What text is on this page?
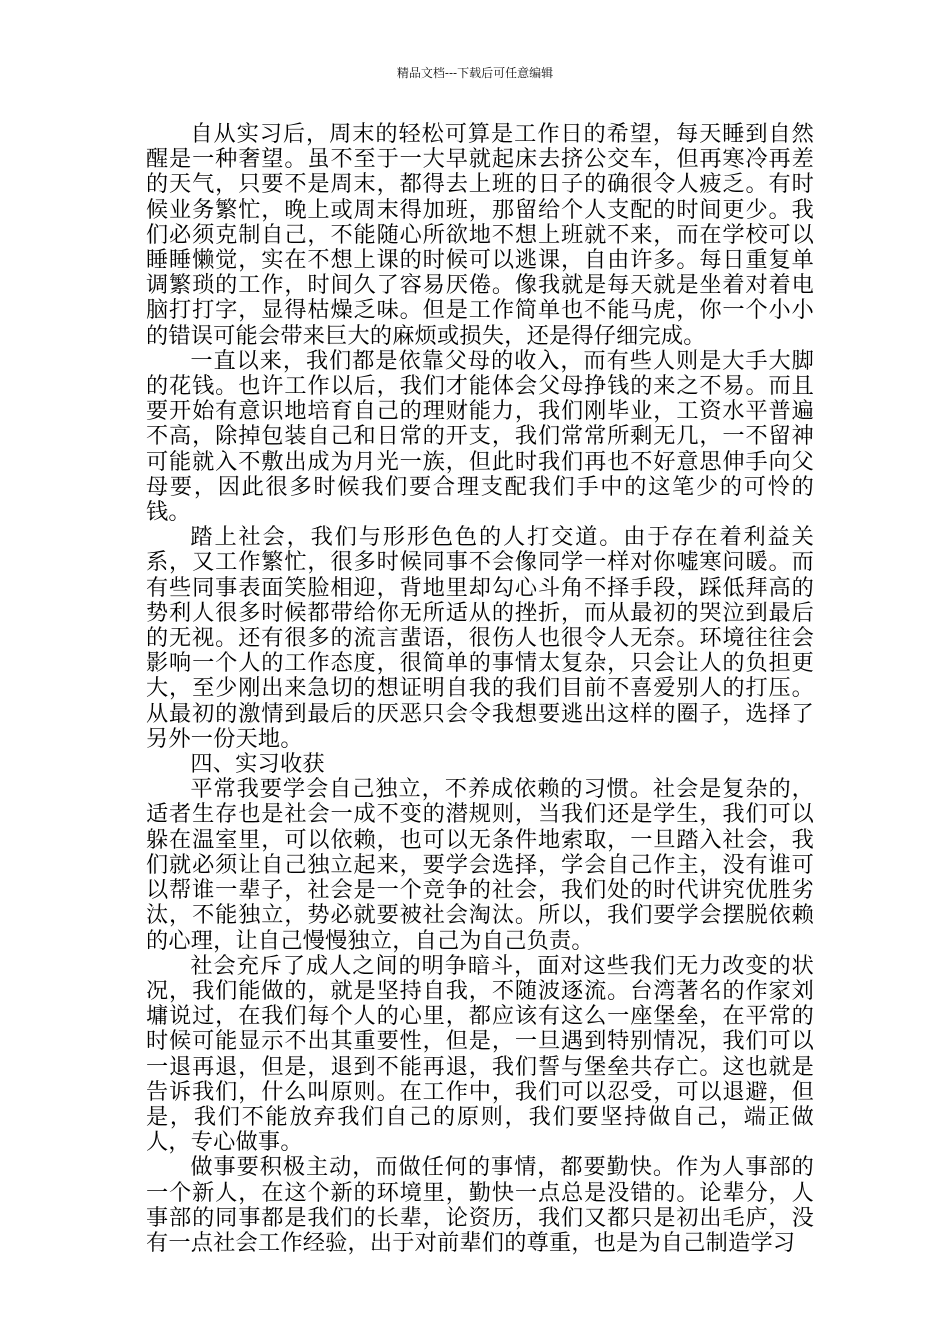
精品文档---下载后可任意编辑

自从实习后，周末的轻松可算是工作日的希望，每天睡到自然醒是一种奢望。虽不至于一大早就起床去挤公交车，但再寒冷再差的天气，只要不是周末，都得去上班的日子的确很令人疲乏。有时候业务繁忙，晚上或周末得加班，那留给个人支配的时间更少。我们必须克制自己，不能随心所欲地不想上班就不来，而在学校可以睡睡懒觉，实在不想上课的时候可以逃课，自由许多。每日重复单调繁琐的工作，时间久了容易厌倦。像我就是每天就是坐着对着电脑打打字，显得枯燥乏味。但是工作简单也不能马虎，你一个小小的错误可能会带来巨大的麻烦或损失，还是得仔细完成。

一直以来，我们都是依靠父母的收入，而有些人则是大手大脚的花钱。也许工作以后，我们才能体会父母挣钱的来之不易。而且要开始有意识地培育自己的理财能力，我们刚毕业，工资水平普遍不高，除掉包装自己和日常的开支，我们常常所剩无几，一不留神可能就入不敷出成为月光一族，但此时我们再也不好意思伸手向父母要，因此很多时候我们要合理支配我们手中的这笔少的可怜的钱。

踏上社会，我们与形形色色的人打交道。由于存在着利益关系，又工作繁忙，很多时候同事不会像同学一样对你嘘寒问暖。而有些同事表面笑脸相迎，背地里却勾心斗角不择手段，踩低拜高的势利人很多时候都带给你无所适从的挫折，而从最初的哭泣到最后的无视。还有很多的流言蜚语，很伤人也很令人无奈。环境往往会影响一个人的工作态度，很简单的事情太复杂，只会让人的负担更大，至少刚出来急切的想证明自我的我们目前不喜爱别人的打压。从最初的激情到最后的厌恶只会令我想要逃出这样的圈子，选择了另外一份天地。

四、实习收获

平常我要学会自己独立，不养成依赖的习惯。社会是复杂的，适者生存也是社会一成不变的潜规则，当我们还是学生，我们可以躲在温室里，可以依赖，也可以无条件地索取，一旦踏入社会，我们就必须让自己独立起来，要学会选择，学会自己作主，没有谁可以帮谁一辈子，社会是一个竞争的社会，我们处的时代讲究优胜劣汰，不能独立，势必就要被社会淘汰。所以，我们要学会摆脱依赖的心理，让自己慢慢独立，自己为自己负责。

社会充斥了成人之间的明争暗斗，面对这些我们无力改变的状况，我们能做的，就是坚持自我，不随波逐流。台湾著名的作家刘墉说过，在我们每个人的心里，都应该有这么一座堡垒，在平常的时候可能显示不出其重要性，但是，一旦遇到特别情况，我们可以一退再退，但是，退到不能再退，我们誓与堡垒共存亡。这也就是告诉我们，什么叫原则。在工作中，我们可以忍受，可以退避，但是，我们不能放弃我们自己的原则，我们要坚持做自己，端正做人，专心做事。

做事要积极主动，而做任何的事情，都要勤快。作为人事部的一个新人，在这个新的环境里，勤快一点总是没错的。论辈分，人事部的同事都是我们的长辈，论资历，我们又都只是初出毛庐，没有一点社会工作经验，出于对前辈们的尊重，也是为自己制造学习
